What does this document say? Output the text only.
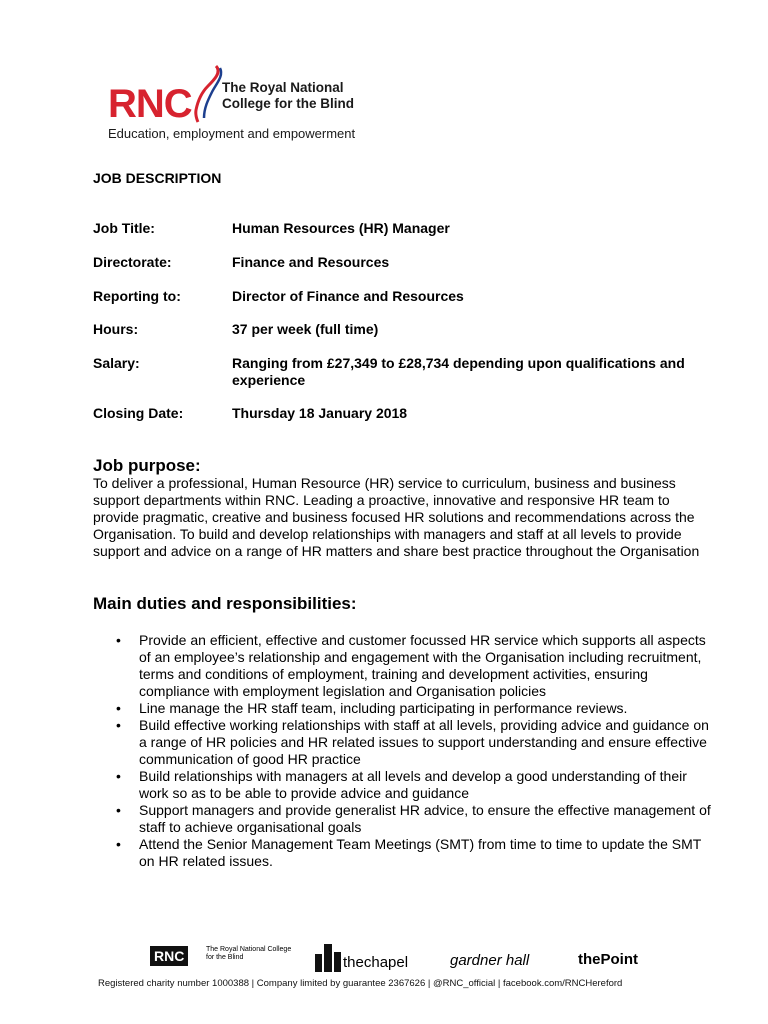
RNC The Royal National
College for the Blind
Education, employment and empowerment
JOB DESCRIPTION
Job Title:	Human Resources (HR) Manager
Directorate:	Finance and Resources
Reporting to:	Director of Finance and Resources
Hours:	37 per week (full time)
Salary:	Ranging from £27,349 to £28,734 depending upon qualifications and experience
Closing Date:	Thursday 18 January 2018
Job purpose:
To deliver a professional, Human Resource (HR) service to curriculum, business and business support departments within RNC. Leading a proactive, innovative and responsive HR team to provide pragmatic, creative and business focused HR solutions and recommendations across the Organisation. To build and develop relationships with managers and staff at all levels to provide support and advice on a range of HR matters and share best practice throughout the Organisation
Main duties and responsibilities:
• Provide an efficient, effective and customer focussed HR service which supports all aspects of an employee’s relationship and engagement with the Organisation including recruitment, terms and conditions of employment, training and development activities, ensuring compliance with employment legislation and Organisation policies
• Line manage the HR staff team, including participating in performance reviews.
• Build effective working relationships with staff at all levels, providing advice and guidance on a range of HR policies and HR related issues to support understanding and ensure effective communication of good HR practice
• Build relationships with managers at all levels and develop a good understanding of their work so as to be able to provide advice and guidance
• Support managers and provide generalist HR advice, to ensure the effective management of staff to achieve organisational goals
• Attend the Senior Management Team Meetings (SMT) from time to time to update the SMT on HR related issues.
RNC	The Royal National College for the Blind	thechapel	gardner hall	thePoint
Registered charity number 1000388 | Company limited by guarantee 2367626 | @RNC_official | facebook.com/RNCHereford
